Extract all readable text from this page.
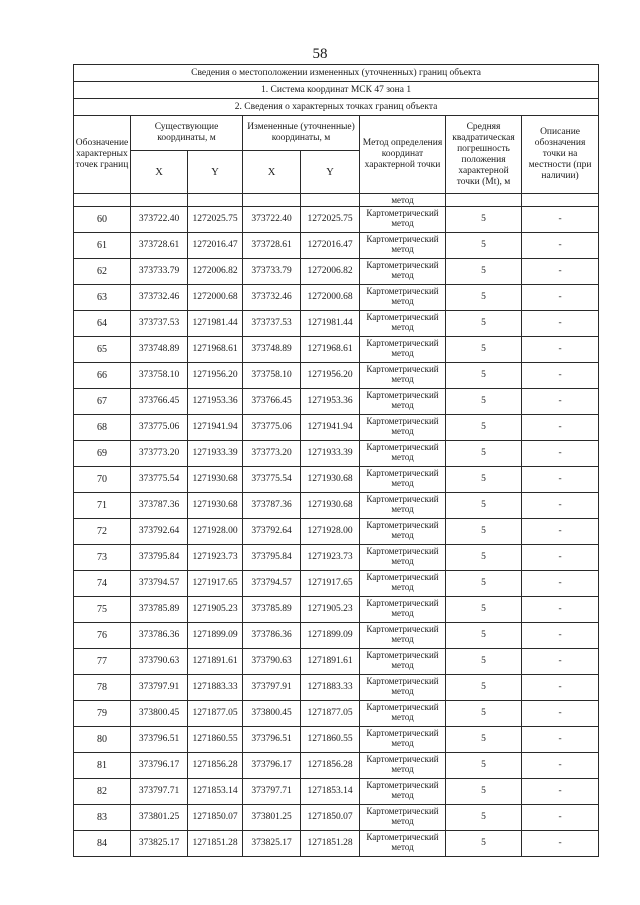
58
Сведения о местоположении измененных (уточненных) границ объекта							
1. Система координат МСК 47 зона 1							
2. Сведения о характерных точках границ объекта							
Обозначение характерных точек границ	Существующие координаты, м		Измененные (уточненные) координаты, м		Метод определения координат характерной точки	Средняя квадратическая погрешность положения характерной точки (Mt), м	Описание обозначения точки на местности (при наличии)
	X	Y	X	Y			
					метод		
60	373722.40	1272025.75	373722.40	1272025.75	Картометрический метод	5	-
61	373728.61	1272016.47	373728.61	1272016.47	Картометрический метод	5	-
62	373733.79	1272006.82	373733.79	1272006.82	Картометрический метод	5	-
63	373732.46	1272000.68	373732.46	1272000.68	Картометрический метод	5	-
64	373737.53	1271981.44	373737.53	1271981.44	Картометрический метод	5	-
65	373748.89	1271968.61	373748.89	1271968.61	Картометрический метод	5	-
66	373758.10	1271956.20	373758.10	1271956.20	Картометрический метод	5	-
67	373766.45	1271953.36	373766.45	1271953.36	Картометрический метод	5	-
68	373775.06	1271941.94	373775.06	1271941.94	Картометрический метод	5	-
69	373773.20	1271933.39	373773.20	1271933.39	Картометрический метод	5	-
70	373775.54	1271930.68	373775.54	1271930.68	Картометрический метод	5	-
71	373787.36	1271930.68	373787.36	1271930.68	Картометрический метод	5	-
72	373792.64	1271928.00	373792.64	1271928.00	Картометрический метод	5	-
73	373795.84	1271923.73	373795.84	1271923.73	Картометрический метод	5	-
74	373794.57	1271917.65	373794.57	1271917.65	Картометрический метод	5	-
75	373785.89	1271905.23	373785.89	1271905.23	Картометрический метод	5	-
76	373786.36	1271899.09	373786.36	1271899.09	Картометрический метод	5	-
77	373790.63	1271891.61	373790.63	1271891.61	Картометрический метод	5	-
78	373797.91	1271883.33	373797.91	1271883.33	Картометрический метод	5	-
79	373800.45	1271877.05	373800.45	1271877.05	Картометрический метод	5	-
80	373796.51	1271860.55	373796.51	1271860.55	Картометрический метод	5	-
81	373796.17	1271856.28	373796.17	1271856.28	Картометрический метод	5	-
82	373797.71	1271853.14	373797.71	1271853.14	Картометрический метод	5	-
83	373801.25	1271850.07	373801.25	1271850.07	Картометрический метод	5	-
84	373825.17	1271851.28	373825.17	1271851.28	Картометрический метод	5	-
